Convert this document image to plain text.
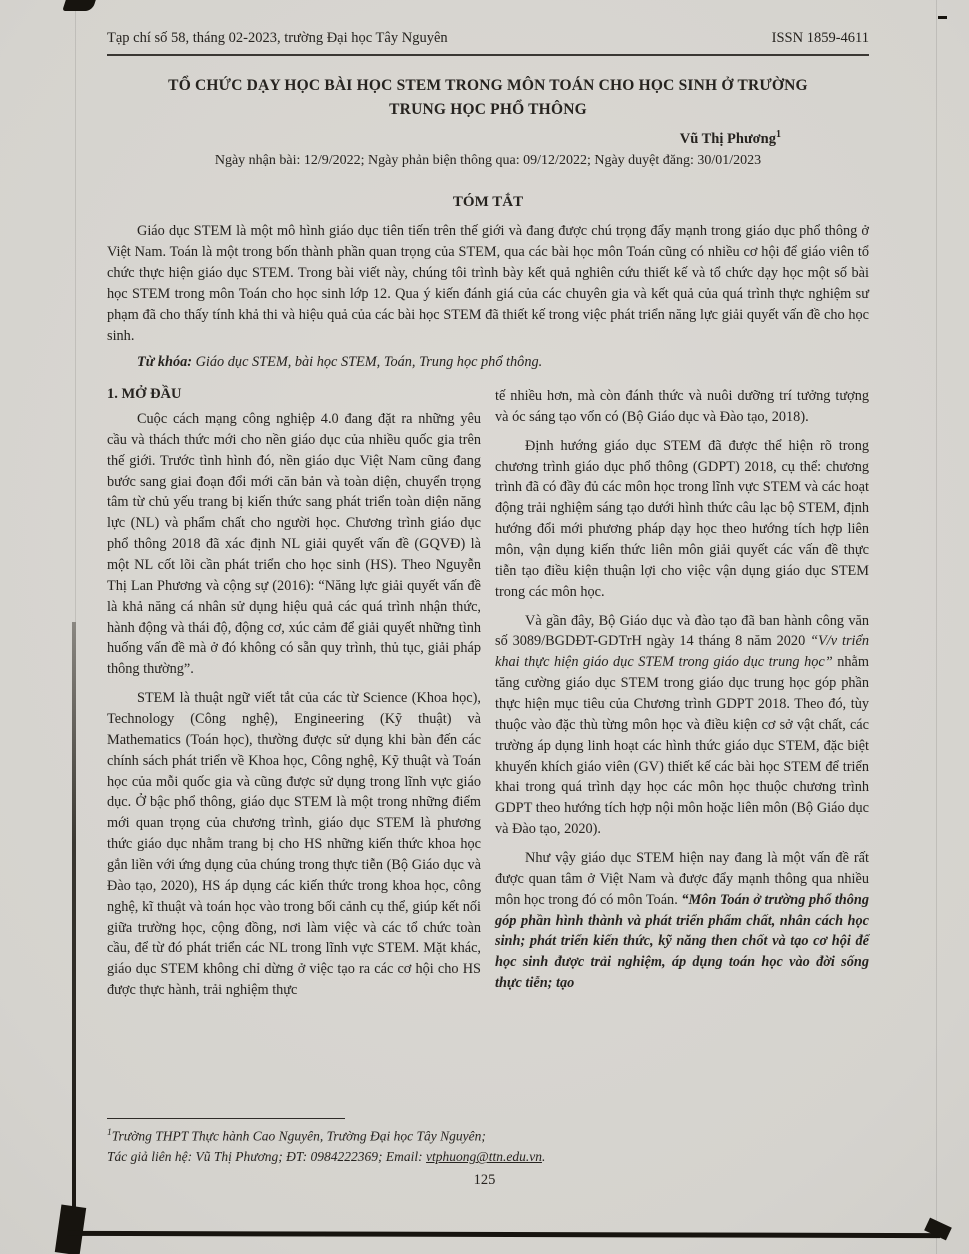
Tạp chí số 58, tháng 02-2023, trường Đại học Tây Nguyên	ISSN 1859-4611
TỔ CHỨC DẠY HỌC BÀI HỌC STEM TRONG MÔN TOÁN CHO HỌC SINH Ở TRƯỜNG TRUNG HỌC PHỔ THÔNG
Vũ Thị Phương$^1$
Ngày nhận bài: 12/9/2022; Ngày phản biện thông qua: 09/12/2022; Ngày duyệt đăng: 30/01/2023
TÓM TẮT

Giáo dục STEM là một mô hình giáo dục tiên tiến trên thế giới và đang được chú trọng đẩy mạnh trong giáo dục phổ thông ở Việt Nam. Toán là một trong bốn thành phần quan trọng của STEM, qua các bài học môn Toán cũng có nhiều cơ hội để giáo viên tổ chức thực hiện giáo dục STEM. Trong bài viết này, chúng tôi trình bày kết quả nghiên cứu thiết kế và tổ chức dạy học một số bài học STEM trong môn Toán cho học sinh lớp 12. Qua ý kiến đánh giá của các chuyên gia và kết quả của quá trình thực nghiệm sư phạm đã cho thấy tính khả thi và hiệu quả của các bài học STEM đã thiết kế trong việc phát triển năng lực giải quyết vấn đề cho học sinh.

Từ khóa: Giáo dục STEM, bài học STEM, Toán, Trung học phổ thông.

1. MỞ ĐẦU

Cuộc cách mạng công nghiệp 4.0 đang đặt ra những yêu cầu và thách thức mới cho nền giáo dục của nhiều quốc gia trên thế giới. Trước tình hình đó, nền giáo dục Việt Nam cũng đang bước sang giai đoạn đổi mới căn bản và toàn diện, chuyển trọng tâm từ chủ yếu trang bị kiến thức sang phát triển toàn diện năng lực (NL) và phẩm chất cho người học. Chương trình giáo dục phổ thông 2018 đã xác định NL giải quyết vấn đề (GQVĐ) là một NL cốt lõi cần phát triển cho học sinh (HS). Theo Nguyễn Thị Lan Phương và cộng sự (2016): “Năng lực giải quyết vấn đề là khả năng cá nhân sử dụng hiệu quả các quá trình nhận thức, hành động và thái độ, động cơ, xúc cảm để giải quyết những tình huống vấn đề mà ở đó không có sẵn quy trình, thủ tục, giải pháp thông thường”.

STEM là thuật ngữ viết tắt của các từ Science (Khoa học), Technology (Công nghệ), Engineering (Kỹ thuật) và Mathematics (Toán học), thường được sử dụng khi bàn đến các chính sách phát triển về Khoa học, Công nghệ, Kỹ thuật và Toán học của mỗi quốc gia và cũng được sử dụng trong lĩnh vực giáo dục. Ở bậc phổ thông, giáo dục STEM là một trong những điểm mới quan trọng của chương trình, giáo dục STEM là phương thức giáo dục nhằm trang bị cho HS những kiến thức khoa học gắn liền với ứng dụng của chúng trong thực tiễn (Bộ Giáo dục và Đào tạo, 2020), HS áp dụng các kiến thức trong khoa học, công nghệ, kĩ thuật và toán học vào trong bối cảnh cụ thể, giúp kết nối giữa trường học, cộng đồng, nơi làm việc và các tổ chức toàn cầu, để từ đó phát triển các NL trong lĩnh vực STEM. Mặt khác, giáo dục STEM không chỉ dừng ở việc tạo ra các cơ hội cho HS được thực hành, trải nghiệm thực

tế nhiều hơn, mà còn đánh thức và nuôi dưỡng trí tưởng tượng và óc sáng tạo vốn có (Bộ Giáo dục và Đào tạo, 2018).

Định hướng giáo dục STEM đã được thể hiện rõ trong chương trình giáo dục phổ thông (GDPT) 2018, cụ thể: chương trình đã có đầy đủ các môn học trong lĩnh vực STEM và các hoạt động trải nghiệm sáng tạo dưới hình thức câu lạc bộ STEM, định hướng đổi mới phương pháp dạy học theo hướng tích hợp liên môn, vận dụng kiến thức liên môn giải quyết các vấn đề thực tiễn tạo điều kiện thuận lợi cho việc vận dụng giáo dục STEM trong các môn học.

Và gần đây, Bộ Giáo dục và đào tạo đã ban hành công văn số 3089/BGDĐT-GDTrH ngày 14 tháng 8 năm 2020 “V/v triển khai thực hiện giáo dục STEM trong giáo dục trung học” nhằm tăng cường giáo dục STEM trong giáo dục trung học góp phần thực hiện mục tiêu của Chương trình GDPT 2018. Theo đó, tùy thuộc vào đặc thù từng môn học và điều kiện cơ sở vật chất, các trường áp dụng linh hoạt các hình thức giáo dục STEM, đặc biệt khuyến khích giáo viên (GV) thiết kế các bài học STEM để triển khai trong quá trình dạy học các môn học thuộc chương trình GDPT theo hướng tích hợp nội môn hoặc liên môn (Bộ Giáo dục và Đào tạo, 2020).

Như vậy giáo dục STEM hiện nay đang là một vấn đề rất được quan tâm ở Việt Nam và được đẩy mạnh thông qua nhiều môn học trong đó có môn Toán. “Môn Toán ở trường phổ thông góp phần hình thành và phát triển phẩm chất, nhân cách học sinh; phát triển kiến thức, kỹ năng then chốt và tạo cơ hội để học sinh được trải nghiệm, áp dụng toán học vào đời sống thực tiễn; tạo

$^1$Trường THPT Thực hành Cao Nguyên, Trường Đại học Tây Nguyên;

Tác giả liên hệ: Vũ Thị Phương; ĐT: 0984222369; Email: vtphuong@ttn.edu.vn.

125
